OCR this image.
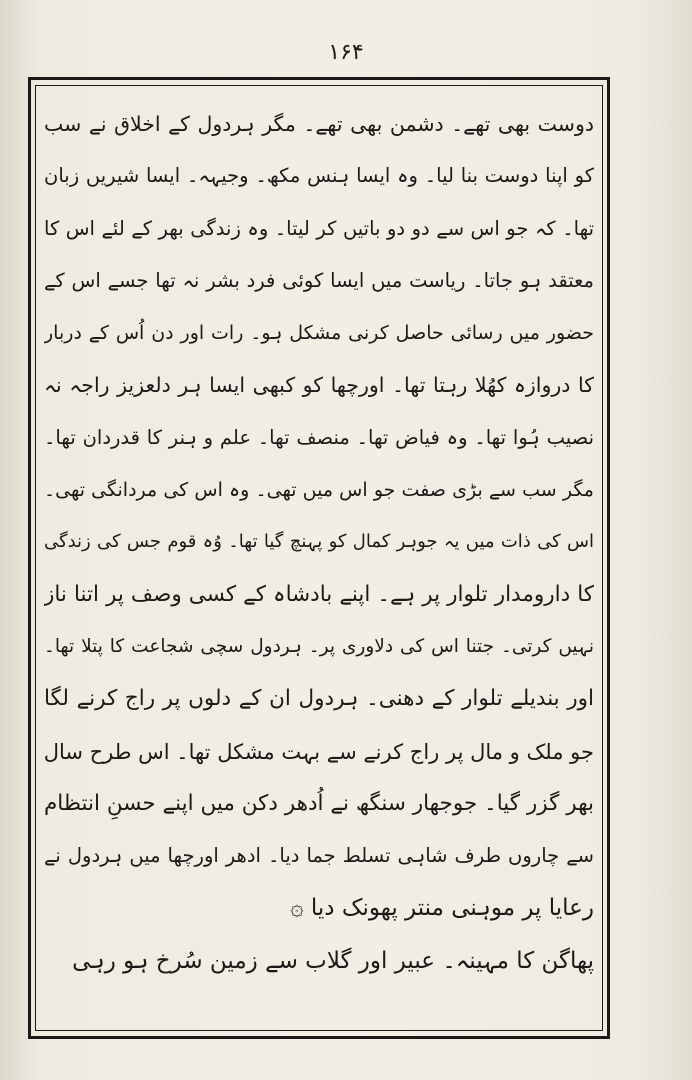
۱۶۴
دوست بھی تھے۔ دشمن بھی تھے۔ مگر ہردول کے اخلاق نے سب
کو اپنا دوست بنا لیا۔ وہ ایسا ہنس مکھ۔ وجیہہ۔ ایسا شیریں زبان
تھا۔ کہ جو اس سے دو دو باتیں کر لیتا۔ وہ زندگی بھر کے لئے اس کا
معتقد ہو جاتا۔ ریاست میں ایسا کوئی فرد بشر نہ تھا جسے اس کے
حضور میں رسائی حاصل کرنی مشکل ہو۔ رات اور دن اُس کے دربار
کا دروازہ کھُلا رہتا تھا۔ اورچھا کو کبھی ایسا ہر دلعزیز راجہ نہ
نصیب ہُوا تھا۔ وہ فیاض تھا۔ منصف تھا۔ علم و ہنر کا قدردان تھا۔
مگر سب سے بڑی صفت جو اس میں تھی۔ وہ اس کی مردانگی تھی۔
اس کی ذات میں یہ جوہر کمال کو پہنچ گیا تھا۔ وُہ قوم جس کی زندگی
کا دارومدار تلوار پر ہے۔ اپنے بادشاہ کے کسی وصف پر اتنا ناز
نہیں کرتی۔ جتنا اس کی دلاوری پر۔ ہردول سچی شجاعت کا پتلا تھا۔
اور بندیلے تلوار کے دھنی۔ ہردول ان کے دلوں پر راج کرنے لگا
جو ملک و مال پر راج کرنے سے بہت مشکل تھا۔ اس طرح سال
بھر گزر گیا۔ جوجھار سنگھ نے اُدھر دکن میں اپنے حسنِ انتظام
سے چاروں طرف شاہی تسلط جما دیا۔ ادھر اورچھا میں ہردول نے
رعایا پر موہنی منتر پھونک دیا ۞
پھاگن کا مہینہ۔ عبیر اور گلاب سے زمین سُرخ ہو رہی
